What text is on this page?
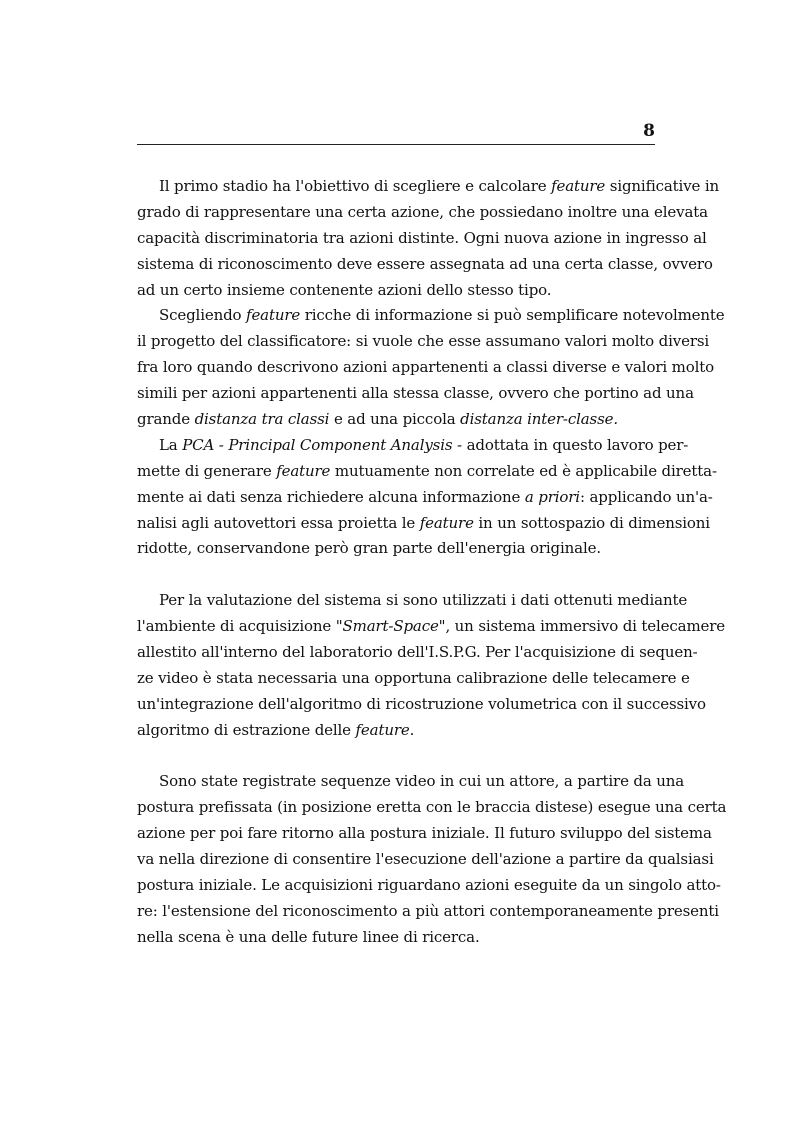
8
Il primo stadio ha l'obiettivo di scegliere e calcolare feature significative in
grado di rappresentare una certa azione, che possiedano inoltre una elevata
capacità discriminatoria tra azioni distinte. Ogni nuova azione in ingresso al
sistema di riconoscimento deve essere assegnata ad una certa classe, ovvero
ad un certo insieme contenente azioni dello stesso tipo.
Scegliendo feature ricche di informazione si può semplificare notevolmente
il progetto del classificatore: si vuole che esse assumano valori molto diversi
fra loro quando descrivono azioni appartenenti a classi diverse e valori molto
simili per azioni appartenenti alla stessa classe, ovvero che portino ad una
grande distanza tra classi e ad una piccola distanza inter-classe.
La PCA - Principal Component Analysis - adottata in questo lavoro per-
mette di generare feature mutuamente non correlate ed è applicabile diretta-
mente ai dati senza richiedere alcuna informazione a priori: applicando un'a-
nalisi agli autovettori essa proietta le feature in un sottospazio di dimensioni
ridotte, conservandone però gran parte dell'energia originale.
Per la valutazione del sistema si sono utilizzati i dati ottenuti mediante
l'ambiente di acquisizione "Smart-Space", un sistema immersivo di telecamere
allestito all'interno del laboratorio dell'I.S.P.G. Per l'acquisizione di sequen-
ze video è stata necessaria una opportuna calibrazione delle telecamere e
un'integrazione dell'algoritmo di ricostruzione volumetrica con il successivo
algoritmo di estrazione delle feature.
Sono state registrate sequenze video in cui un attore, a partire da una
postura prefissata (in posizione eretta con le braccia distese) esegue una certa
azione per poi fare ritorno alla postura iniziale. Il futuro sviluppo del sistema
va nella direzione di consentire l'esecuzione dell'azione a partire da qualsiasi
postura iniziale. Le acquisizioni riguardano azioni eseguite da un singolo atto-
re: l'estensione del riconoscimento a più attori contemporaneamente presenti
nella scena è una delle future linee di ricerca.
